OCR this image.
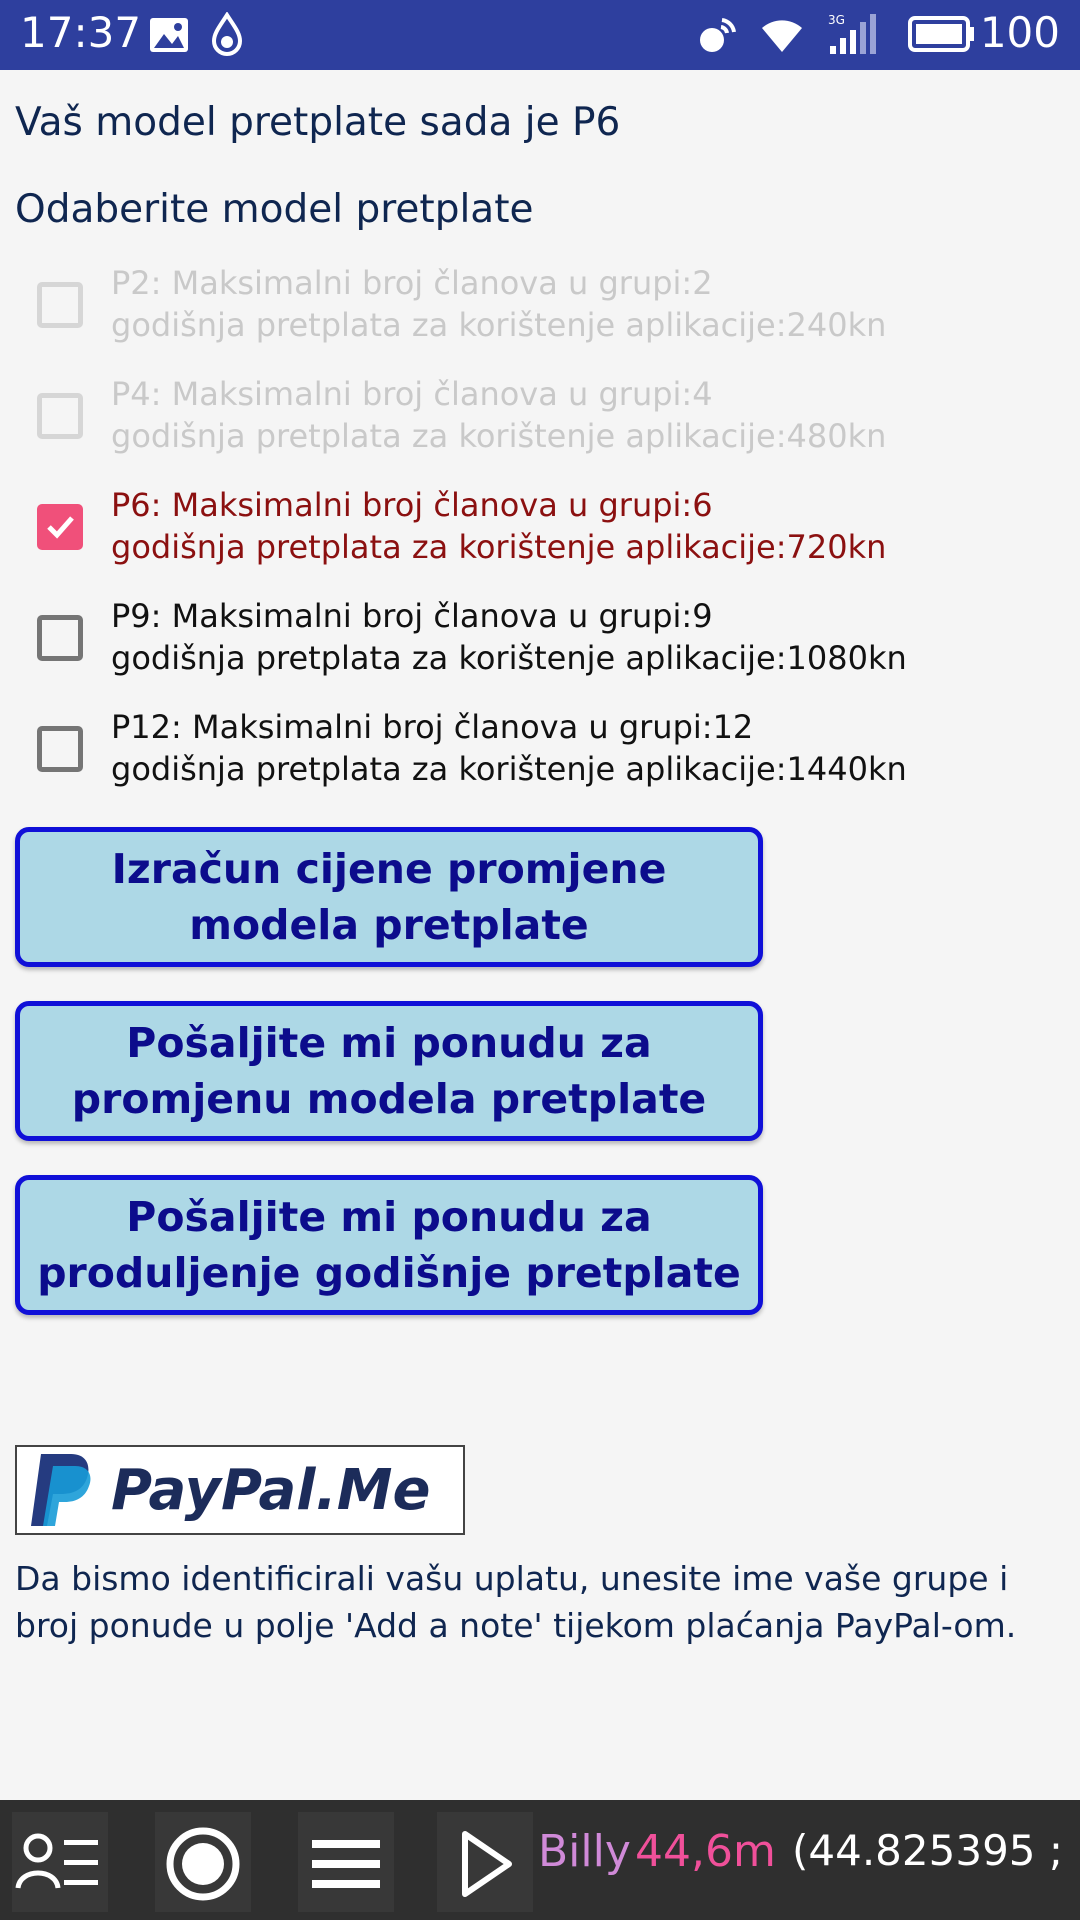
17:37	3G	100
Vaš model pretplate sada je P6
Odaberite model pretplate
P2: Maksimalni broj članova u grupi:2
godišnja pretplata za korištenje aplikacije:240kn
P4: Maksimalni broj članova u grupi:4
godišnja pretplata za korištenje aplikacije:480kn
P6: Maksimalni broj članova u grupi:6
godišnja pretplata za korištenje aplikacije:720kn
P9: Maksimalni broj članova u grupi:9
godišnja pretplata za korištenje aplikacije:1080kn
P12: Maksimalni broj članova u grupi:12
godišnja pretplata za korištenje aplikacije:1440kn
Izračun cijene promjene modela pretplate
Pošaljite mi ponudu za promjenu modela pretplate
Pošaljite mi ponudu za produljenje godišnje pretplate
PayPal.Me
Da bismo identificirali vašu uplatu, unesite ime vaše grupe i broj ponude u polje 'Add a note' tijekom plaćanja PayPal-om.
Billy 44,6m (44.825395 ;
